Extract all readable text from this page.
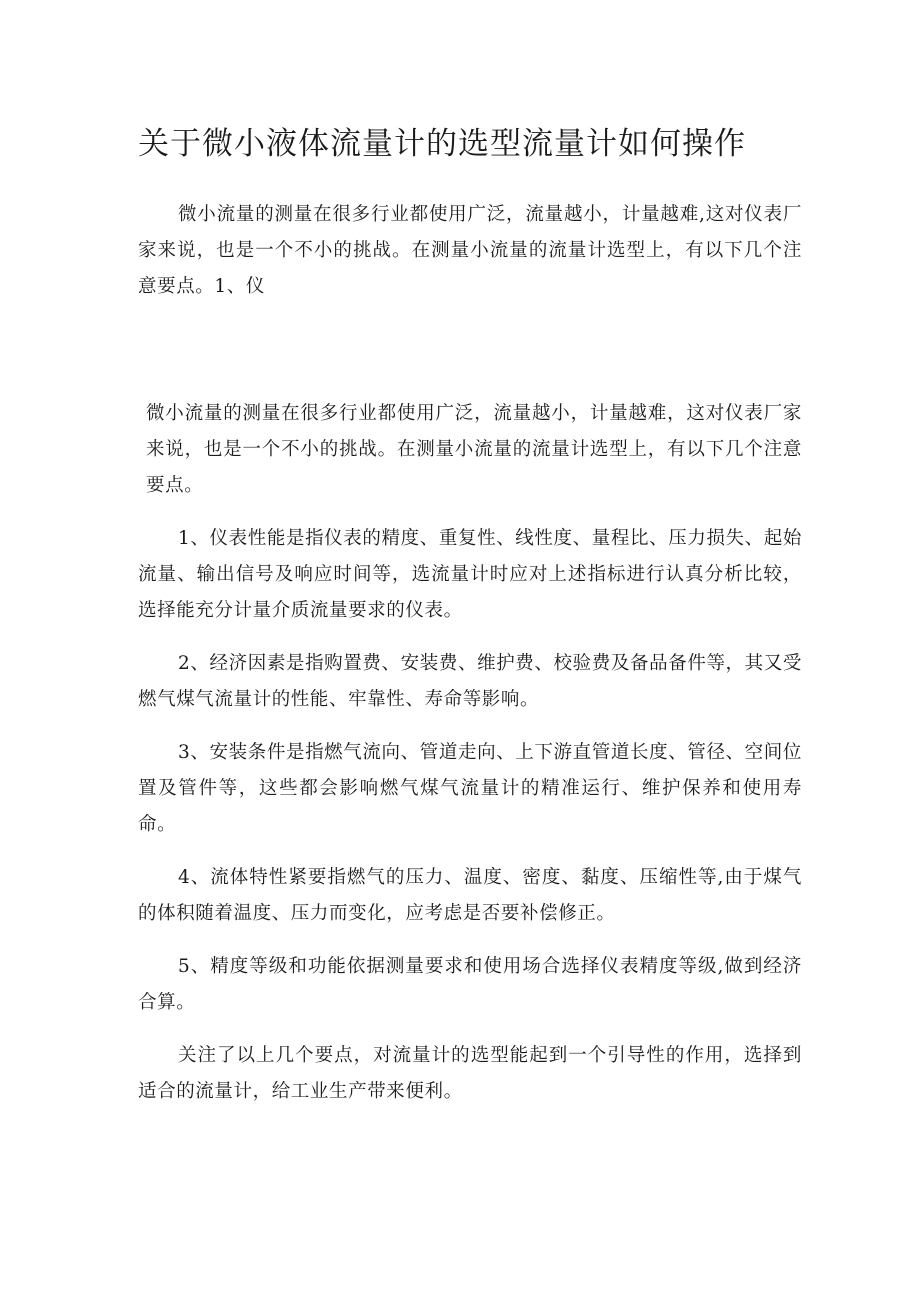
关于微小液体流量计的选型流量计如何操作

微小流量的测量在很多行业都使用广泛，流量越小，计量越难,这对仪表厂家来说，也是一个不小的挑战。在测量小流量的流量计选型上，有以下几个注意要点。1、仪

微小流量的测量在很多行业都使用广泛，流量越小，计量越难，这对仪表厂家来说，也是一个不小的挑战。在测量小流量的流量计选型上，有以下几个注意要点。

1、仪表性能是指仪表的精度、重复性、线性度、量程比、压力损失、起始流量、输出信号及响应时间等，选流量计时应对上述指标进行认真分析比较，选择能充分计量介质流量要求的仪表。

2、经济因素是指购置费、安装费、维护费、校验费及备品备件等，其又受燃气煤气流量计的性能、牢靠性、寿命等影响。

3、安装条件是指燃气流向、管道走向、上下游直管道长度、管径、空间位置及管件等，这些都会影响燃气煤气流量计的精准运行、维护保养和使用寿命。

4、流体特性紧要指燃气的压力、温度、密度、黏度、压缩性等,由于煤气的体积随着温度、压力而变化，应考虑是否要补偿修正。

5、精度等级和功能依据测量要求和使用场合选择仪表精度等级,做到经济合算。

关注了以上几个要点，对流量计的选型能起到一个引导性的作用，选择到适合的流量计，给工业生产带来便利。
